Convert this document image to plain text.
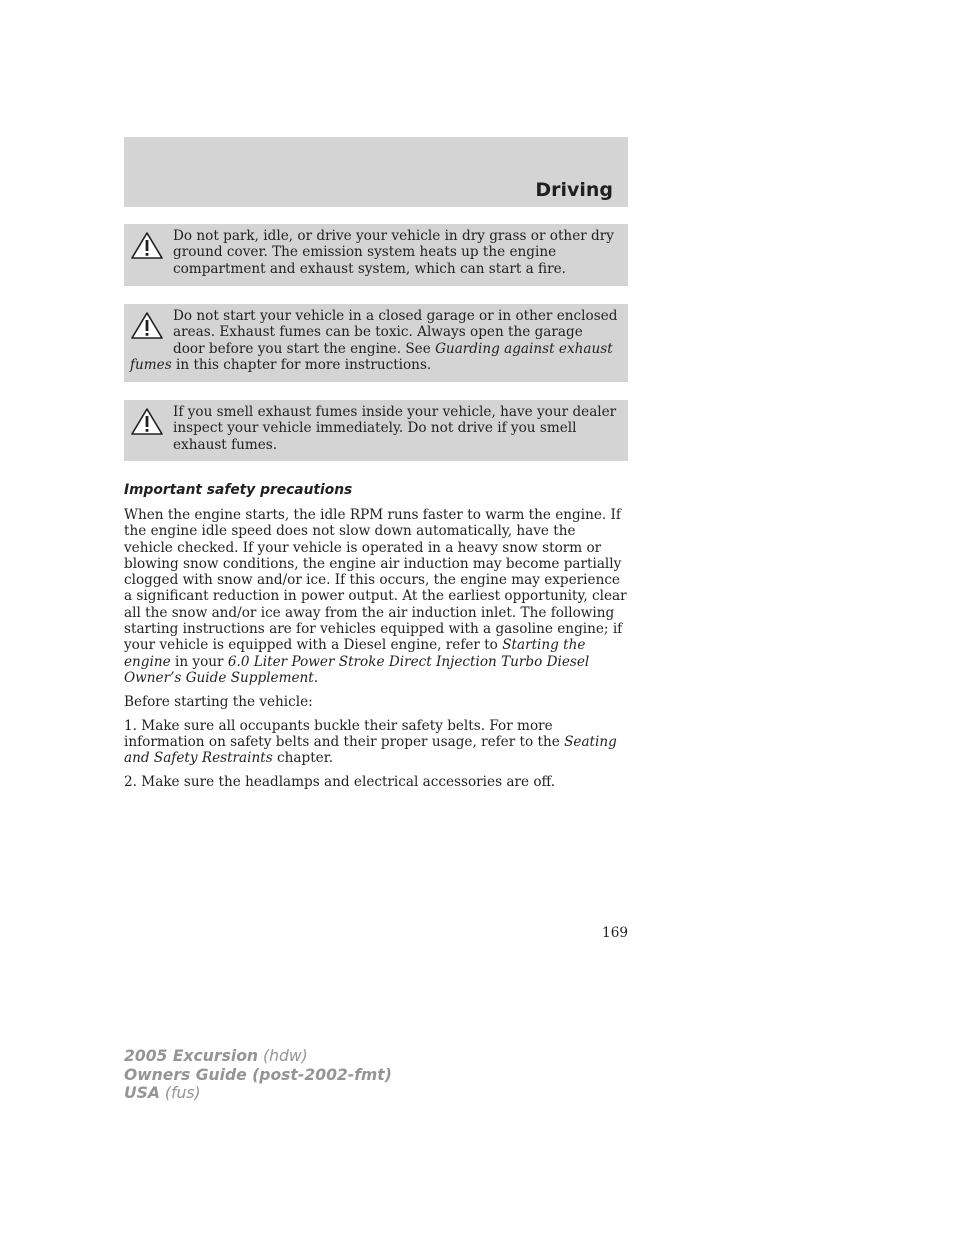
Driving

Do not park, idle, or drive your vehicle in dry grass or other dry ground cover. The emission system heats up the engine compartment and exhaust system, which can start a fire.

Do not start your vehicle in a closed garage or in other enclosed areas. Exhaust fumes can be toxic. Always open the garage door before you start the engine. See Guarding against exhaust fumes in this chapter for more instructions.

If you smell exhaust fumes inside your vehicle, have your dealer inspect your vehicle immediately. Do not drive if you smell exhaust fumes.

Important safety precautions

When the engine starts, the idle RPM runs faster to warm the engine. If the engine idle speed does not slow down automatically, have the vehicle checked. If your vehicle is operated in a heavy snow storm or blowing snow conditions, the engine air induction may become partially clogged with snow and/or ice. If this occurs, the engine may experience a significant reduction in power output. At the earliest opportunity, clear all the snow and/or ice away from the air induction inlet. The following starting instructions are for vehicles equipped with a gasoline engine; if your vehicle is equipped with a Diesel engine, refer to Starting the engine in your 6.0 Liter Power Stroke Direct Injection Turbo Diesel Owner’s Guide Supplement.

Before starting the vehicle:

1. Make sure all occupants buckle their safety belts. For more information on safety belts and their proper usage, refer to the Seating and Safety Restraints chapter.

2. Make sure the headlamps and electrical accessories are off.

169
2005 Excursion (hdw)
Owners Guide (post-2002-fmt)
USA (fus)
